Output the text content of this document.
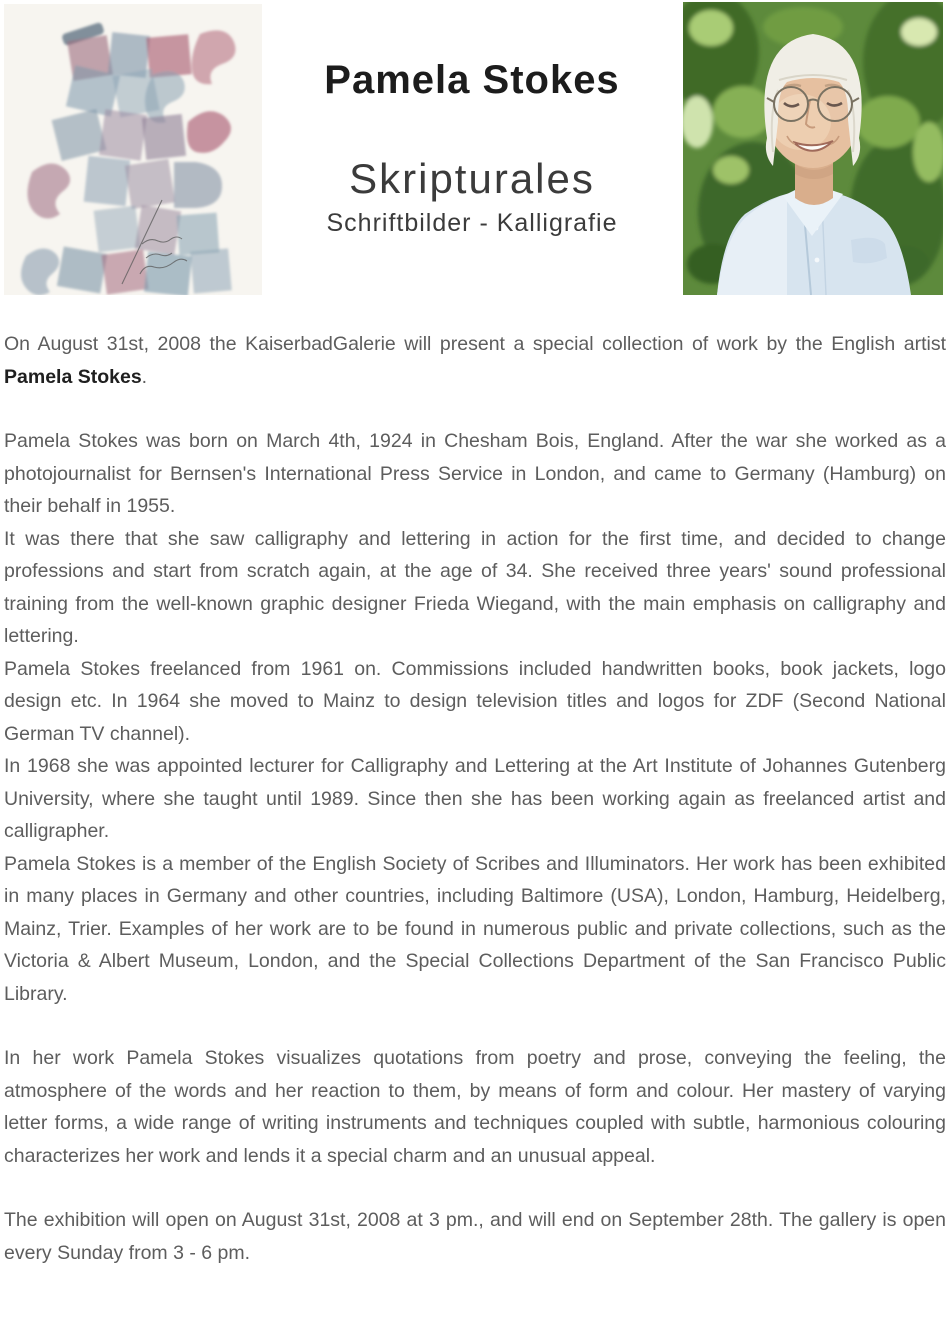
Pamela Stokes
Skripturales
Schriftbilder - Kalligrafie

On August 31st, 2008 the KaiserbadGalerie will present a special collection of work by the English artist Pamela Stokes.

Pamela Stokes was born on March 4th, 1924 in Chesham Bois, England. After the war she worked as a photojournalist for Bernsen's International Press Service in London, and came to Germany (Hamburg) on their behalf in 1955.

It was there that she saw calligraphy and lettering in action for the first time, and decided to change professions and start from scratch again, at the age of 34. She received three years' sound professional training from the well-known graphic designer Frieda Wiegand, with the main emphasis on calligraphy and lettering.

Pamela Stokes freelanced from 1961 on. Commissions included handwritten books, book jackets, logo design etc. In 1964 she moved to Mainz to design television titles and logos for ZDF (Second National German TV channel).

In 1968 she was appointed lecturer for Calligraphy and Lettering at the Art Institute of Johannes Gutenberg University, where she taught until 1989. Since then she has been working again as freelanced artist and calligrapher.

Pamela Stokes is a member of the English Society of Scribes and Illuminators. Her work has been exhibited in many places in Germany and other countries, including Baltimore (USA), London, Hamburg, Heidelberg, Mainz, Trier. Examples of her work are to be found in numerous public and private collections, such as the Victoria & Albert Museum, London, and the Special Collections Department of the San Francisco Public Library.

In her work Pamela Stokes visualizes quotations from poetry and prose, conveying the feeling, the atmosphere of the words and her reaction to them, by means of form and colour. Her mastery of varying letter forms, a wide range of writing instruments and techniques coupled with subtle, harmonious colouring characterizes her work and lends it a special charm and an unusual appeal.

The exhibition will open on August 31st, 2008 at 3 pm., and will end on September 28th. The gallery is open every Sunday from 3 - 6 pm.
